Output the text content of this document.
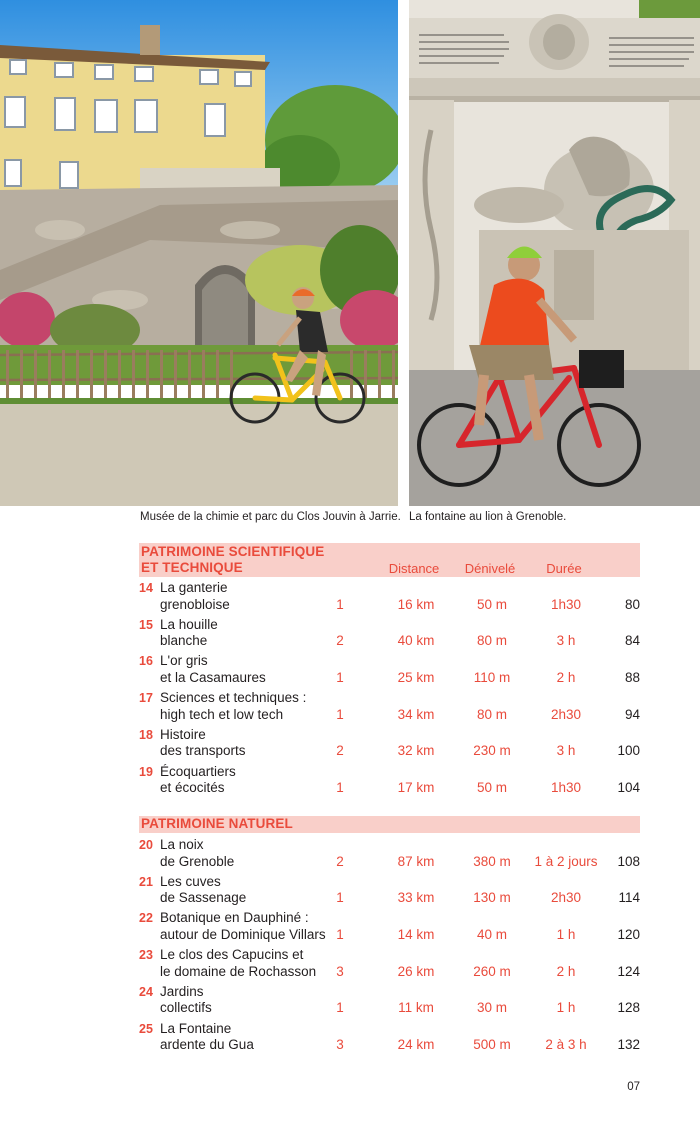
Musée de la chimie et parc du Clos Jouvin à Jarrie. La fontaine au lion à Grenoble.
PATRIMOINE SCIENTIFIQUE
ET TECHNIQUE	Distance	Dénivelé	Durée
14 La ganterie
grenobloise	1	16 km	50 m	1h30	80
15 La houille
blanche	2	40 km	80 m	3 h	84
16 L'or gris
et la Casamaures	1	25 km	110 m	2 h	88
17 Sciences et techniques :
high tech et low tech	1	34 km	80 m	2h30	94
18 Histoire
des transports	2	32 km	230 m	3 h	100
19 Écoquartiers
et écocités	1	17 km	50 m	1h30	104
PATRIMOINE NATUREL
20 La noix
de Grenoble	2	87 km	380 m	1 à 2 jours	108
21 Les cuves
de Sassenage	1	33 km	130 m	2h30	114
22 Botanique en Dauphiné :
autour de Dominique Villars 1	14 km	40 m	1 h	120
23 Le clos des Capucins et
le domaine de Rochasson	3	26 km	260 m	2 h	124
24 Jardins
collectifs	1	11 km	30 m	1 h	128
25 La Fontaine
ardente du Gua	3	24 km	500 m	2 à 3 h	132
07
